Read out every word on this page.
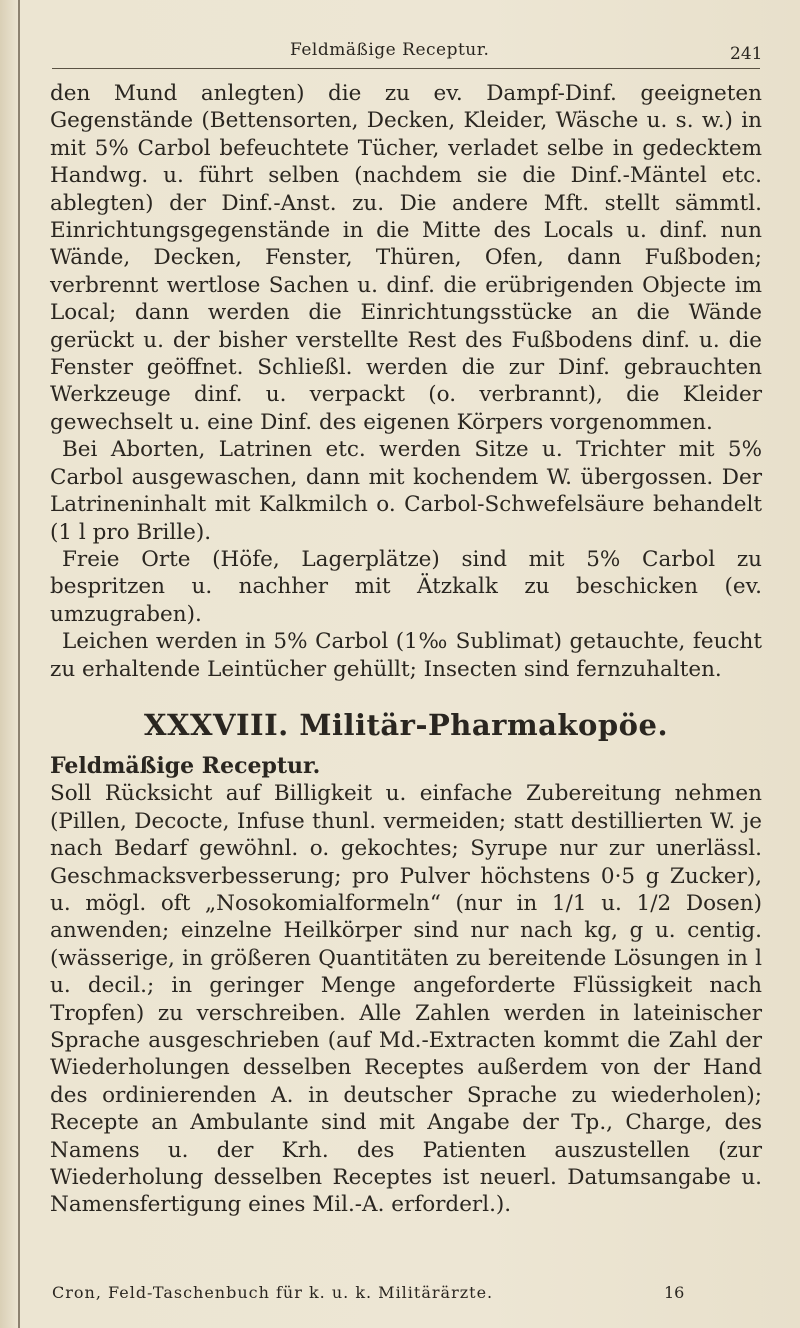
Feldmäßige Receptur.	241

den Mund anlegten) die zu ev. Dampf-Dinf. geeigneten Gegenstände (Bettensorten, Decken, Kleider, Wäsche u. s. w.) in mit 5% Carbol befeuchtete Tücher, verladet selbe in gedecktem Handwg. u. führt selben (nachdem sie die Dinf.-Mäntel etc. ablegten) der Dinf.-Anst. zu. Die andere Mft. stellt sämmtl. Einrichtungsgegenstände in die Mitte des Locals u. dinf. nun Wände, Decken, Fenster, Thüren, Ofen, dann Fußboden; verbrennt wertlose Sachen u. dinf. die erübrigenden Objecte im Local; dann werden die Einrichtungsstücke an die Wände gerückt u. der bisher verstellte Rest des Fußbodens dinf. u. die Fenster geöffnet. Schließl. werden die zur Dinf. gebrauchten Werkzeuge dinf. u. verpackt (o. verbrannt), die Kleider gewechselt u. eine Dinf. des eigenen Körpers vorgenommen.

Bei Aborten, Latrinen etc. werden Sitze u. Trichter mit 5% Carbol ausgewaschen, dann mit kochendem W. übergossen. Der Latrineninhalt mit Kalkmilch o. Carbol-Schwefelsäure behandelt (1 l pro Brille).

Freie Orte (Höfe, Lagerplätze) sind mit 5% Carbol zu bespritzen u. nachher mit Ätzkalk zu beschicken (ev. umzugraben).

Leichen werden in 5% Carbol (1‰ Sublimat) getauchte, feucht zu erhaltende Leintücher gehüllt; Insecten sind fernzuhalten.

XXXVIII. Militär-Pharmakopöe.
Feldmäßige Receptur.

Soll Rücksicht auf Billigkeit u. einfache Zubereitung nehmen (Pillen, Decocte, Infuse thunl. vermeiden; statt destillierten W. je nach Bedarf gewöhnl. o. gekochtes; Syrupe nur zur unerlässl. Geschmacksverbesserung; pro Pulver höchstens 0·5 g Zucker), u. mögl. oft „Nosokomialformeln“ (nur in 1/1 u. 1/2 Dosen) anwenden; einzelne Heilkörper sind nur nach kg, g u. centig. (wässerige, in größeren Quantitäten zu bereitende Lösungen in l u. decil.; in geringer Menge angeforderte Flüssigkeit nach Tropfen) zu verschreiben. Alle Zahlen werden in lateinischer Sprache ausgeschrieben (auf Md.-Extracten kommt die Zahl der Wiederholungen desselben Receptes außerdem von der Hand des ordinierenden A. in deutscher Sprache zu wiederholen); Recepte an Ambulante sind mit Angabe der Tp., Charge, des Namens u. der Krh. des Patienten auszustellen (zur Wiederholung desselben Receptes ist neuerl. Datumsangabe u. Namensfertigung eines Mil.-A. erforderl.).

Cron, Feld-Taschenbuch für k. u. k. Militärärzte.	16
